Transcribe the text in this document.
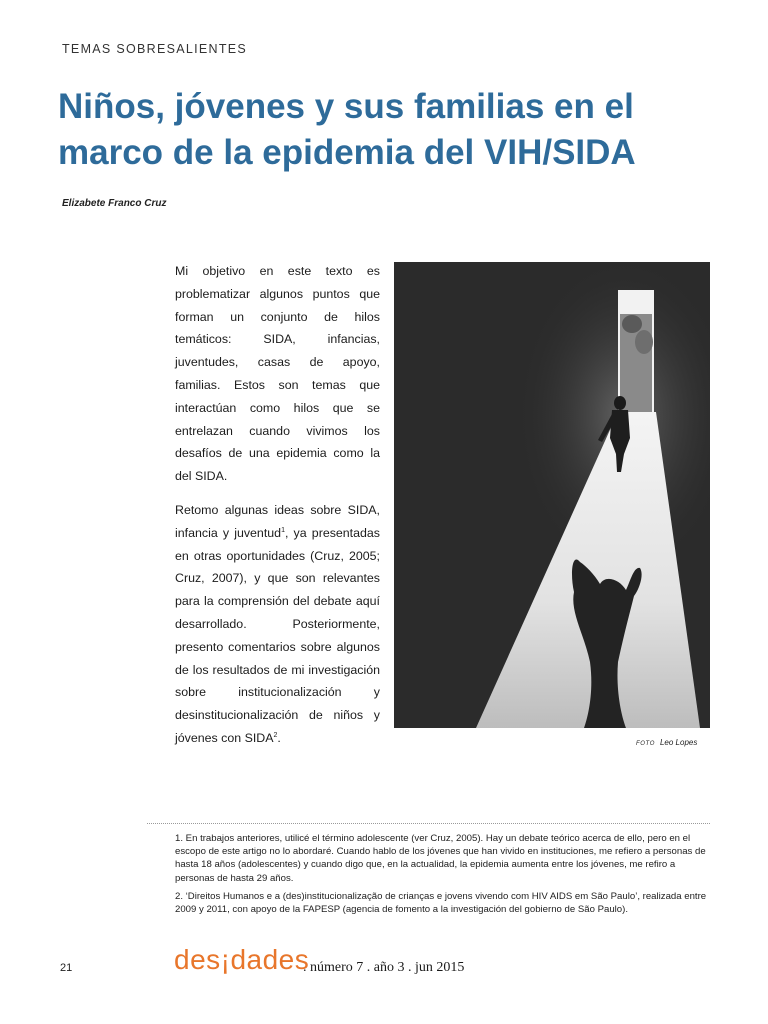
TEMAS SOBRESALIENTES
Niños, jóvenes y sus familias en el marco de la epidemia del VIH/SIDA
Elizabete Franco Cruz

Mi objetivo en este texto es problematizar algunos puntos que forman un conjunto de hilos temáticos: SIDA, infancias, juventudes, casas de apoyo, familias. Estos son temas que interactúan como hilos que se entrelazan cuando vivimos los desafíos de una epidemia como la del SIDA.

Retomo algunas ideas sobre SIDA, infancia y juventud$^1$, ya presentadas en otras oportunidades (Cruz, 2005; Cruz, 2007), y que son relevantes para la comprensión del debate aquí desarrollado. Posteriormente, presento comentarios sobre algunos de los resultados de mi investigación sobre institucionalización y desinstitucionalización de niños y jóvenes con SIDA$^2$.	FOTO Leo Lopes

1. En trabajos anteriores, utilicé el término adolescente (ver Cruz, 2005). Hay un debate teórico acerca de ello, pero en el escopo de este artigo no lo abordaré. Cuando hablo de los jóvenes que han vivido en instituciones, me refiero a personas de hasta 18 años (adolescentes) y cuando digo que, en la actualidad, la epidemia aumenta entre los jóvenes, me refiro a personas de hasta 29 años.

2. ‘Direitos Humanos e a (des)institucionalização de crianças e jovens vivendo com HIV AIDS em São Paulo’, realizada entre 2009 y 2011, con apoyo de la FAPESP (agencia de fomento a la investigación del gobierno de São Paulo).

21	des¡dades
. número 7 . año 3 . jun 2015
